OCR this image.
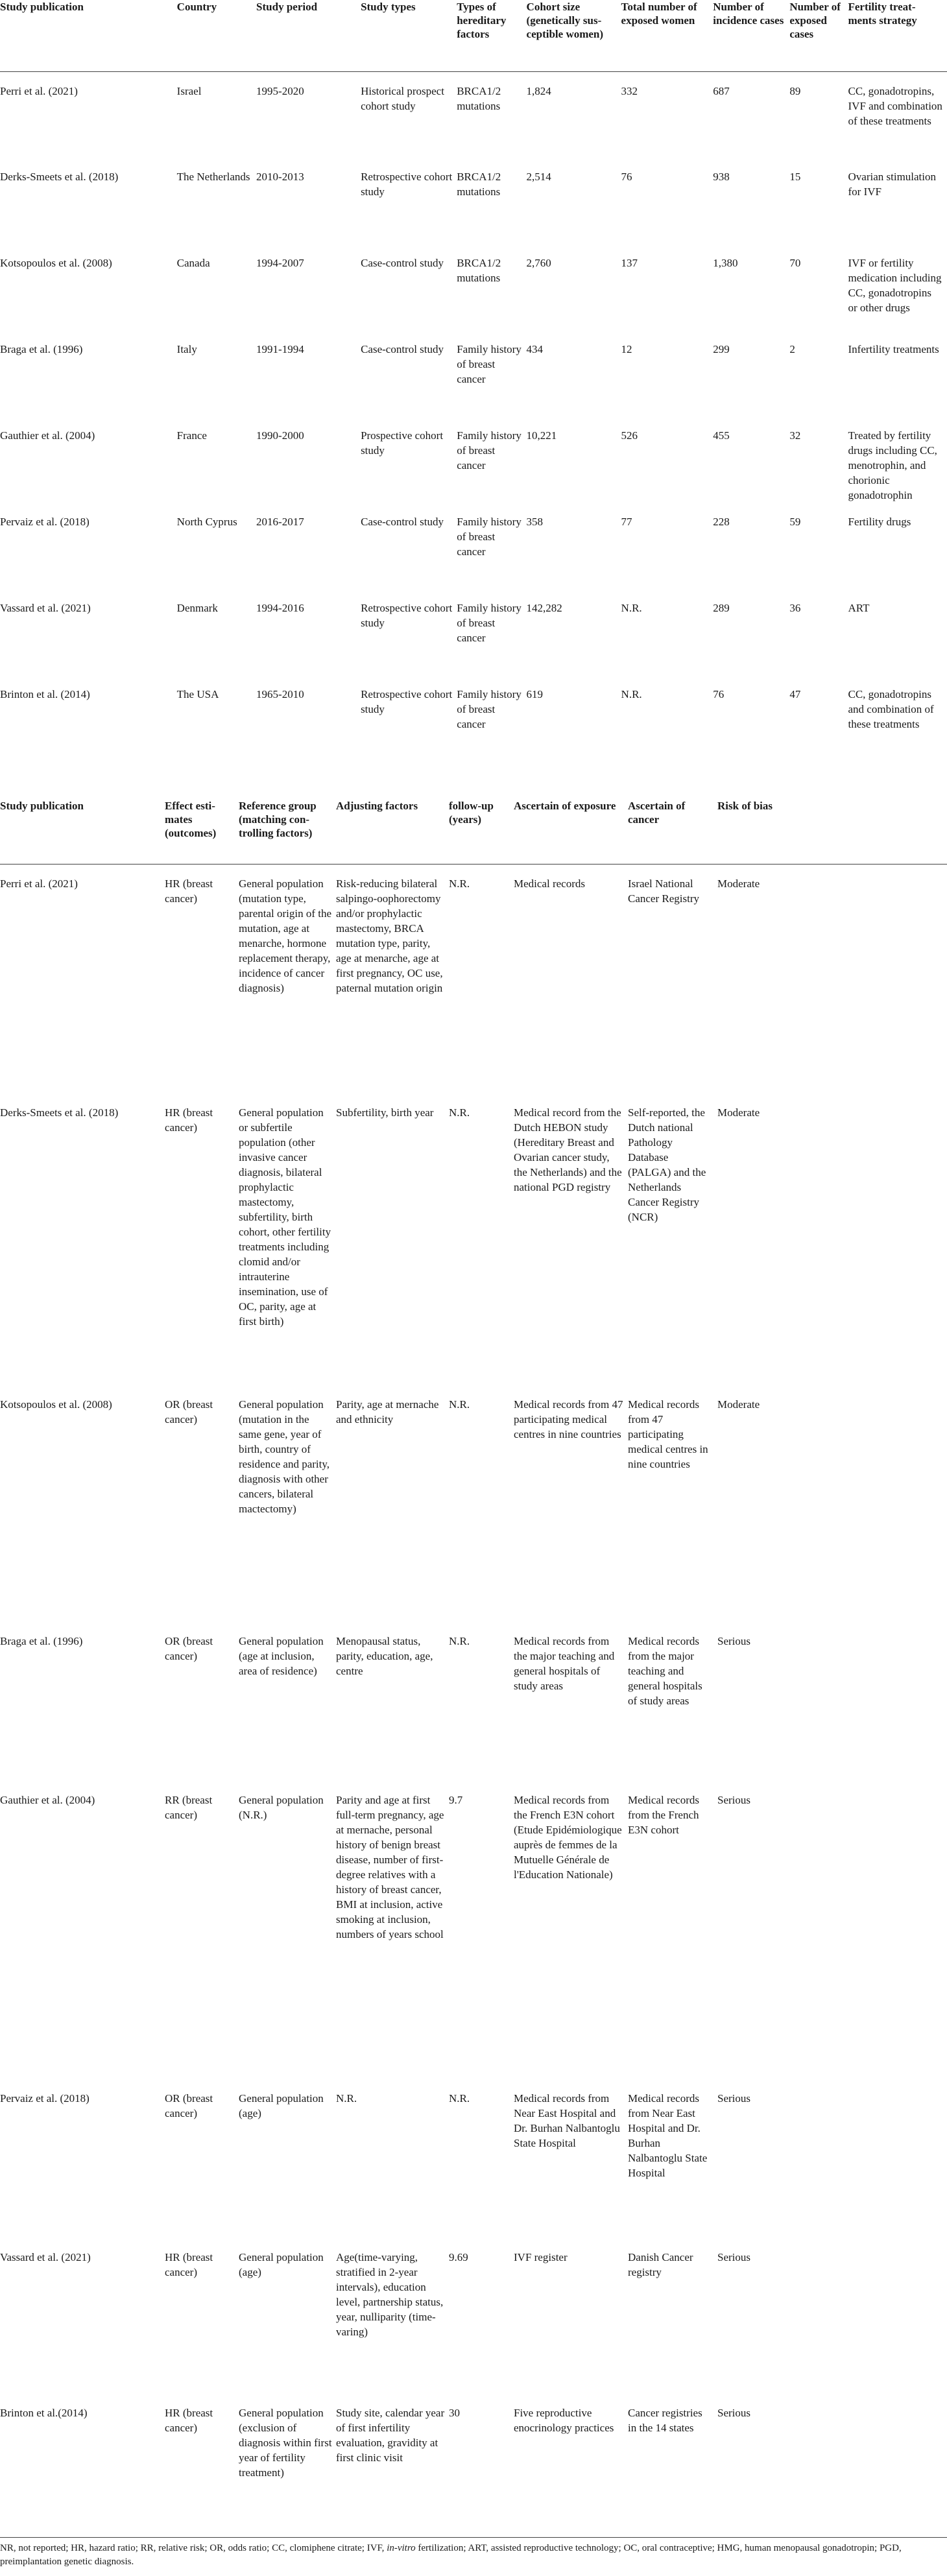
Study publication	Country	Study period	Study types	Types of hereditary factors	Cohort size (genetically sus-ceptible women)	Total number of exposed women	Number of incidence cases	Number of exposed cases	Fertility treat-ments strategy
Perri et al. (2021)	Israel	1995-2020	Historical prospect cohort study	BRCA1/2 mutations	1,824	332	687	89	CC, gonadotropins, IVF and combination of these treatments
Derks-Smeets et al. (2018)	The Netherlands	2010-2013	Retrospective cohort study	BRCA1/2 mutations	2,514	76	938	15	Ovarian stimulation for IVF
Kotsopoulos et al. (2008)	Canada	1994-2007	Case-control study	BRCA1/2 mutations	2,760	137	1,380	70	IVF or fertility medication including CC, gonadotropins or other drugs
Braga et al. (1996)	Italy	1991-1994	Case-control study	Family history of breast cancer	434	12	299	2	Infertility treatments
Gauthier et al. (2004)	France	1990-2000	Prospective cohort study	Family history of breast cancer	10,221	526	455	32	Treated by fertility drugs including CC, menotrophin, and chorionic gonadotrophin
Pervaiz et al. (2018)	North Cyprus	2016-2017	Case-control study	Family history of breast cancer	358	77	228	59	Fertility drugs
Vassard et al. (2021)	Denmark	1994-2016	Retrospective cohort study	Family history of breast cancer	142,282	N.R.	289	36	ART
Brinton et al. (2014)	The USA	1965-2010	Retrospective cohort study	Family history of breast cancer	619	N.R.	76	47	CC, gonadotropins and combination of these treatments
Study publication	Effect esti-mates (outcomes)	Reference group (matching con-trolling factors)	Adjusting factors	follow-up (years)	Ascertain of exposure	Ascertain of cancer	Risk of bias
Perri et al. (2021)	HR (breast cancer)	General population (mutation type, parental origin of the mutation, age at menarche, hormone replacement therapy, incidence of cancer diagnosis)	Risk-reducing bilateral salpingo-oophorectomy and/or prophylactic mastectomy, BRCA mutation type, parity, age at menarche, age at first pregnancy, OC use, paternal mutation origin	N.R.	Medical records	Israel National Cancer Registry	Moderate
Derks-Smeets et al. (2018)	HR (breast cancer)	General population or subfertile population (other invasive cancer diagnosis, bilateral prophylactic mastectomy, subfertility, birth cohort, other fertility treatments including clomid and/or intrauterine insemination, use of OC, parity, age at first birth)	Subfertility, birth year	N.R.	Medical record from the Dutch HEBON study (Hereditary Breast and Ovarian cancer study, the Netherlands) and the national PGD registry	Self-reported, the Dutch national Pathology Database (PALGA) and the Netherlands Cancer Registry (NCR)	Moderate
Kotsopoulos et al. (2008)	OR (breast cancer)	General population (mutation in the same gene, year of birth, country of residence and parity, diagnosis with other cancers, bilateral mactectomy)	Parity, age at mernache and ethnicity	N.R.	Medical records from 47 participating medical centres in nine countries	Medical records from 47 participating medical centres in nine countries	Moderate
Braga et al. (1996)	OR (breast cancer)	General population (age at inclusion, area of residence)	Menopausal status, parity, education, age, centre	N.R.	Medical records from the major teaching and general hospitals of study areas	Medical records from the major teaching and general hospitals of study areas	Serious
Gauthier et al. (2004)	RR (breast cancer)	General population (N.R.)	Parity and age at first full-term pregnancy, age at mernache, personal history of benign breast disease, number of first-degree relatives with a history of breast cancer, BMI at inclusion, active smoking at inclusion, numbers of years school	9.7	Medical records from the French E3N cohort (Etude Epidémiologique auprès de femmes de la Mutuelle Générale de l'Education Nationale)	Medical records from the French E3N cohort	Serious
Pervaiz et al. (2018)	OR (breast cancer)	General population (age)	N.R.	N.R.	Medical records from Near East Hospital and Dr. Burhan Nalbantoglu State Hospital	Medical records from Near East Hospital and Dr. Burhan Nalbantoglu State Hospital	Serious
Vassard et al. (2021)	HR (breast cancer)	General population (age)	Age(time-varying, stratified in 2-year intervals), education level, partnership status, year, nulliparity (time-varing)	9.69	IVF register	Danish Cancer registry	Serious
Brinton et al.(2014)	HR (breast cancer)	General population (exclusion of diagnosis within first year of fertility treatment)	Study site, calendar year of first infertility evaluation, gravidity at first clinic visit	30	Five reproductive enocrinology practices	Cancer registries in the 14 states	Serious
NR, not reported; HR, hazard ratio; RR, relative risk; OR, odds ratio; CC, clomiphene citrate; IVF, in-vitro fertilization; ART, assisted reproductive technology; OC, oral contraceptive; HMG, human menopausal gonadotropin; PGD, preimplantation genetic diagnosis.
